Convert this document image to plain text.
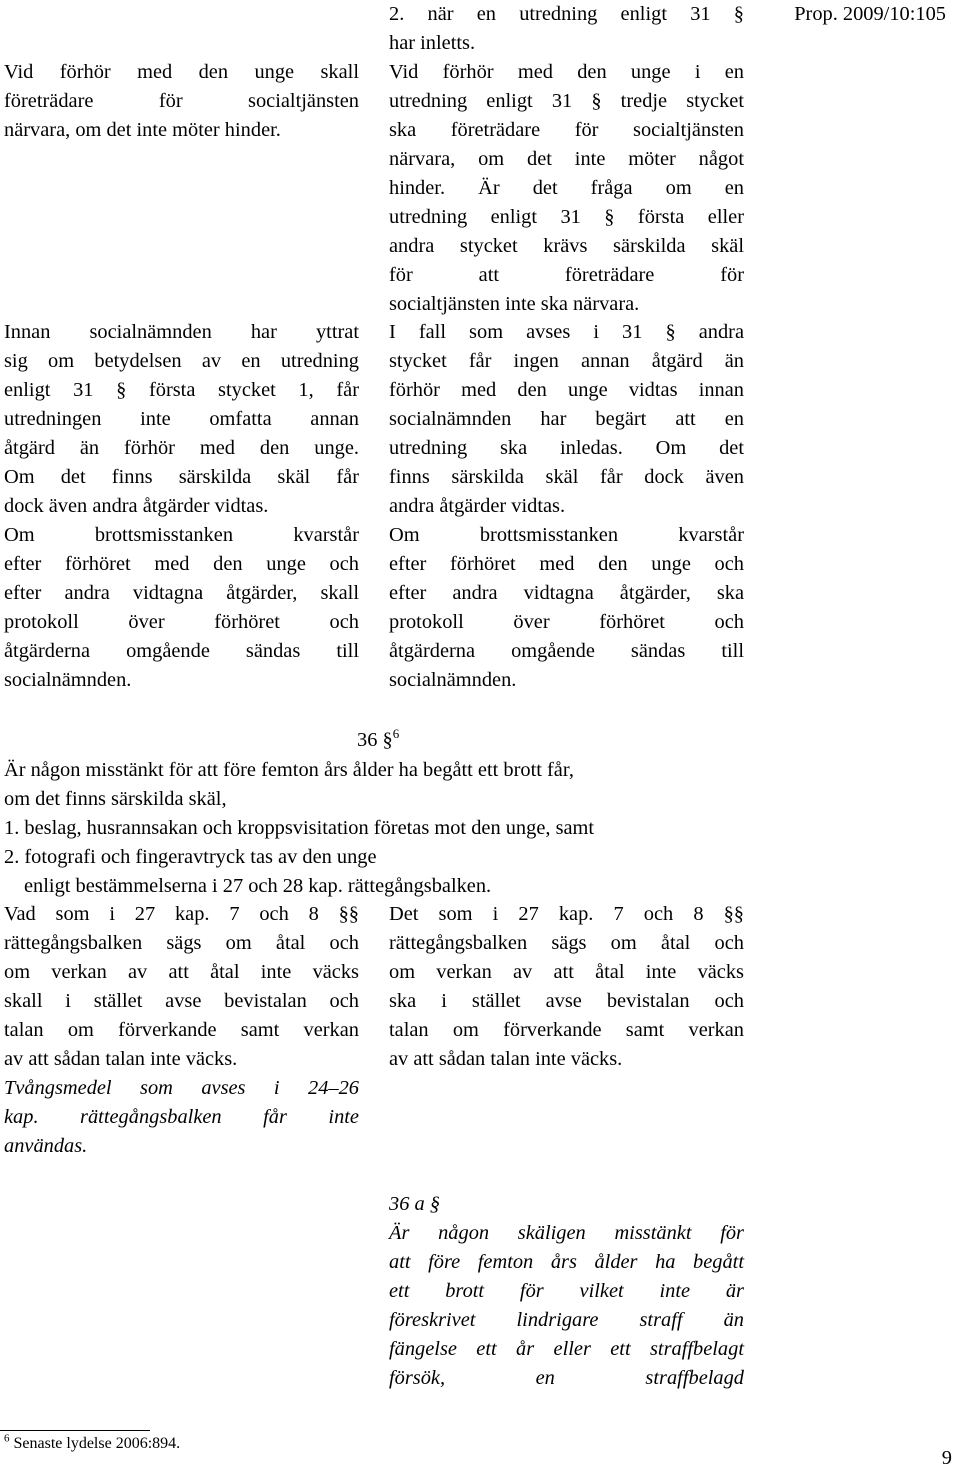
Prop. 2009/10:105
Vid förhör med den unge skall
företrädare för socialtjänsten
närvara, om det inte möter hinder.
Innan socialnämnden har yttrat
sig om betydelsen av en utredning
enligt 31 § första stycket 1, får
utredningen inte omfatta annan
åtgärd än förhör med den unge.
Om det finns särskilda skäl får
dock även andra åtgärder vidtas.
Om brottsmisstanken kvarstår
efter förhöret med den unge och
efter andra vidtagna åtgärder, skall
protokoll över förhöret och
åtgärderna omgående sändas till
socialnämnden.
2. när en utredning enligt 31 §
har inletts.
Vid förhör med den unge i en
utredning enligt 31 § tredje stycket
ska företrädare för socialtjänsten
närvara, om det inte möter något
hinder. Är det fråga om en
utredning enligt 31 § första eller
andra stycket krävs särskilda skäl
för att företrädare för
socialtjänsten inte ska närvara.
I fall som avses i 31 § andra
stycket får ingen annan åtgärd än
förhör med den unge vidtas innan
socialnämnden har begärt att en
utredning ska inledas. Om det
finns särskilda skäl får dock även
andra åtgärder vidtas.
Om brottsmisstanken kvarstår
efter förhöret med den unge och
efter andra vidtagna åtgärder, ska
protokoll över förhöret och
åtgärderna omgående sändas till
socialnämnden.
36 §$^6$
Är någon misstänkt för att före femton års ålder ha begått ett brott får,
om det finns särskilda skäl,
1. beslag, husrannsakan och kroppsvisitation företas mot den unge, samt
2. fotografi och fingeravtryck tas av den unge
enligt bestämmelserna i 27 och 28 kap. rättegångsbalken.
Vad som i 27 kap. 7 och 8 §§
rättegångsbalken sägs om åtal och
om verkan av att åtal inte väcks
skall i stället avse bevistalan och
talan om förverkande samt verkan
av att sådan talan inte väcks.
Tvångsmedel som avses i 24–26
kap. rättegångsbalken får inte
användas.
Det som i 27 kap. 7 och 8 §§
rättegångsbalken sägs om åtal och
om verkan av att åtal inte väcks
ska i stället avse bevistalan och
talan om förverkande samt verkan
av att sådan talan inte väcks.
36 a §
Är någon skäligen misstänkt för
att före femton års ålder ha begått
ett brott för vilket inte är
föreskrivet lindrigare straff än
fängelse ett år eller ett straffbelagt
försök, en straffbelagd
$^6$ Senaste lydelse 2006:894.
9
